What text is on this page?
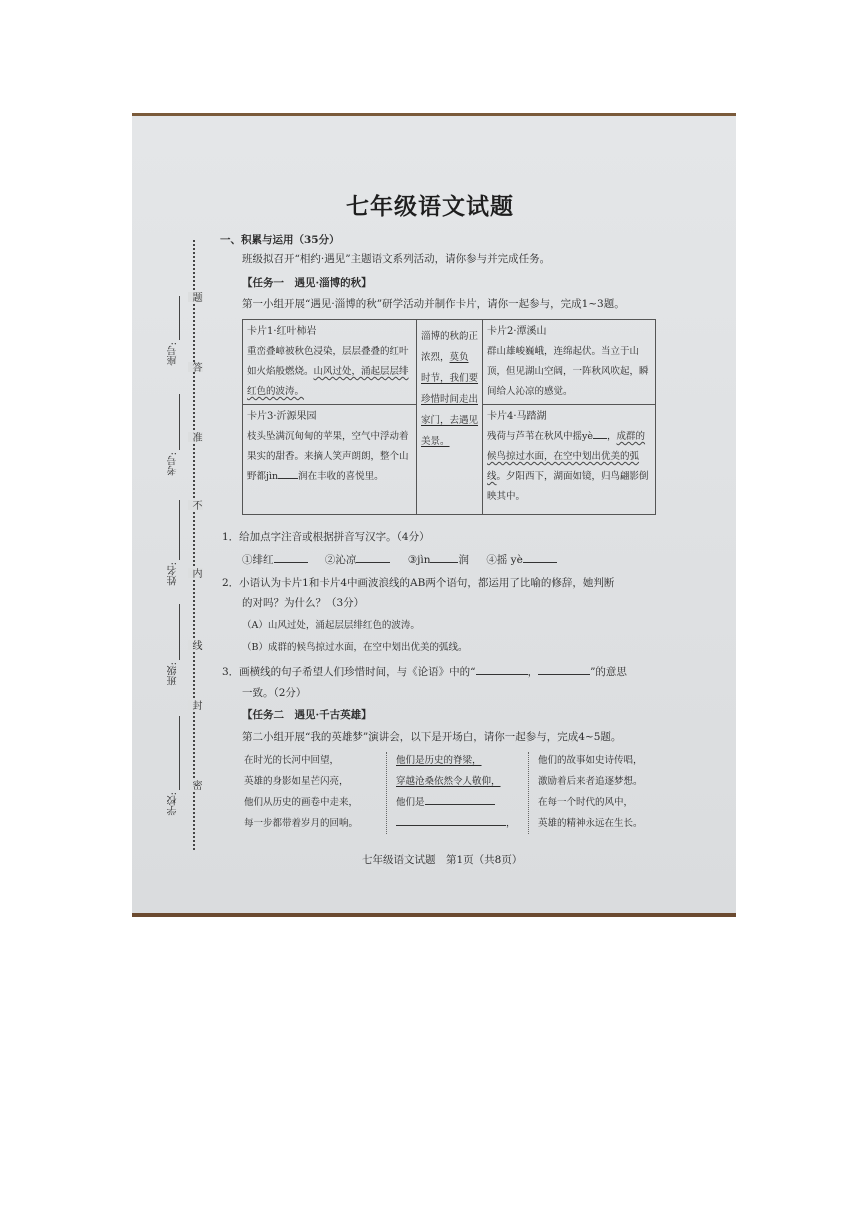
学校:
班级:
姓名:
考号:
座号:
密
封
线
内
不
准
答
题
七年级语文试题
一、积累与运用（35分）
班级拟召开“相约·遇见”主题语文系列活动，请你参与并完成任务。
【任务一　遇见·淄博的秋】
第一小组开展“遇见·淄博的秋”研学活动并制作卡片，请你一起参与，完成1~3题。
卡片1·红叶柿岩
重峦叠嶂被秋色浸染，层层叠叠的红叶如火焰般燃烧。山风过处，涌起层层绯红色的波涛。
卡片3·沂源果园
枝头坠满沉甸甸的苹果，空气中浮动着果实的甜香。来摘人笑声朗朗，整个山野都jìn 润在丰收的喜悦里。
淄博的秋韵正浓烈，莫负时节，我们要珍惜时间走出家门，去遇见美景。
卡片2·潭溪山
群山雄峻巍峨，连绵起伏。当立于山顶，但见湖山空阔，一阵秋风吹起，瞬间给人沁凉的感觉。
卡片4·马踏湖
残荷与芦苇在秋风中摇yè ，成群的候鸟掠过水面，在空中划出优美的弧线。夕阳西下，湖面如镜，归鸟翩影倒映其中。
1．给加点字注音或根据拼音写汉字。（4分）
①绯红	②沁凉	③jìn	润 ④摇 yè
2．小语认为卡片1和卡片4中画波浪线的AB两个语句，都运用了比喻的修辞，她判断
的对吗？为什么？（3分）
（A）山风过处，涌起层层绯红色的波涛。
（B）成群的候鸟掠过水面，在空中划出优美的弧线。
3．画横线的句子希望人们珍惜时间，与《论语》中的“	，	”的意思
一致。（2分）
【任务二　遇见·千古英雄】
第二小组开展“我的英雄梦”演讲会，以下是开场白，请你一起参与，完成4~5题。
在时光的长河中回望，
英雄的身影如星芒闪亮，
他们从历史的画卷中走来，
每一步都带着岁月的回响。
他们是历史的脊梁，
穿越沧桑依然令人敬仰，
他们是
，
他们的故事如史诗传唱，
激励着后来者追逐梦想。
在每一个时代的风中，
英雄的精神永远在生长。
七年级语文试题　第1页（共8页）
